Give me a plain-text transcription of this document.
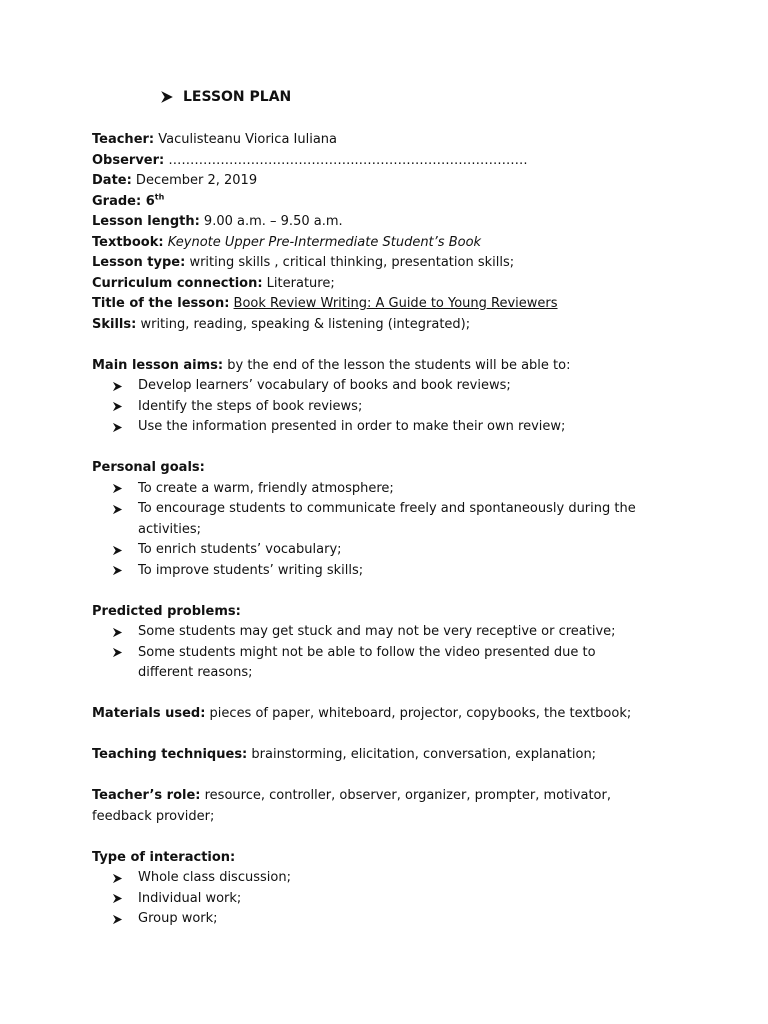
LESSON PLAN
Teacher: Vaculisteanu Viorica Iuliana
Observer: ……………………………………..…………………………………
Date: December 2, 2019
Grade: 6th
Lesson length: 9.00 a.m. – 9.50 a.m.
Textbook: Keynote Upper Pre-Intermediate Student’s Book
Lesson type: writing skills , critical thinking, presentation skills;
Curriculum connection: Literature;
Title of the lesson: Book Review Writing: A Guide to Young Reviewers
Skills: writing, reading, speaking & listening (integrated);
Main lesson aims: by the end of the lesson the students will be able to:
Develop learners’ vocabulary of books and book reviews;
Identify the steps of book reviews;
Use the information presented in order to make their own review;
Personal goals:
To create a warm, friendly atmosphere;
To encourage students to communicate freely and spontaneously during the activities;
To enrich students’ vocabulary;
To improve students’ writing skills;
Predicted problems:
Some students may get stuck and may not be very receptive or creative;
Some students might not be able to follow the video presented due to different reasons;
Materials used: pieces of paper, whiteboard, projector, copybooks, the textbook;
Teaching techniques: brainstorming, elicitation, conversation, explanation;
Teacher’s role: resource, controller, observer, organizer, prompter, motivator, feedback provider;
Type of interaction:
Whole class discussion;
Individual work;
Group work;
